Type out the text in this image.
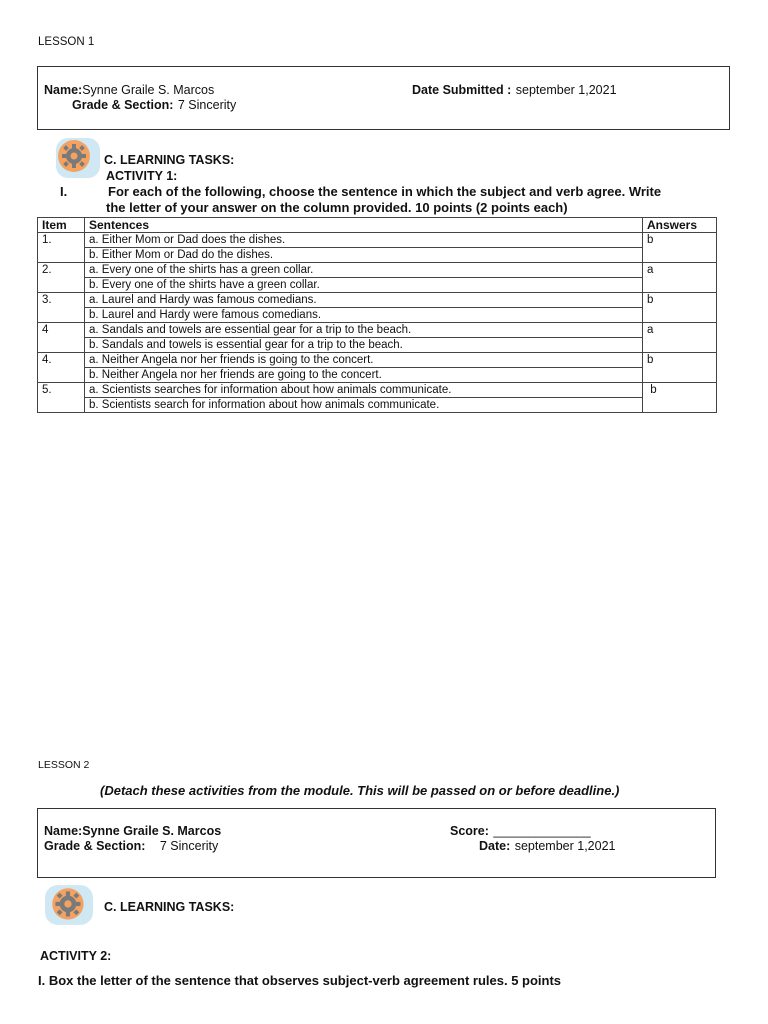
LESSON 1
Name:Synne Graile S. Marcos	Date Submitted : september 1,2021
Grade & Section: 7 Sincerity
C. LEARNING TASKS:
ACTIVITY 1:
I.	For each of the following, choose the sentence in which the subject and verb agree. Write
the letter of your answer on the column provided. 10 points (2 points each)
Item	Sentences	Answers
1.	a. Either Mom or Dad does the dishes.	b
	b. Either Mom or Dad do the dishes.	
2.	a. Every one of the shirts has a green collar.	a
	b. Every one of the shirts have a green collar.	
3.	a. Laurel and Hardy was famous comedians.	b
	b. Laurel and Hardy were famous comedians.	
4	a. Sandals and towels are essential gear for a trip to the beach.	a
	b. Sandals and towels is essential gear for a trip to the beach.	
4.	a. Neither Angela nor her friends is going to the concert.	b
	b. Neither Angela nor her friends are going to the concert.	
5.	a. Scientists searches for information about how animals communicate.	b
	b. Scientists search for information about how animals communicate.	
LESSON 2
(Detach these activities from the module. This will be passed on or before deadline.)
Name:Synne Graile S. Marcos	Score: ______________
Grade & Section: 7 Sincerity	Date: september 1,2021
C. LEARNING TASKS:
ACTIVITY 2:
I. Box the letter of the sentence that observes subject-verb agreement rules. 5 points
